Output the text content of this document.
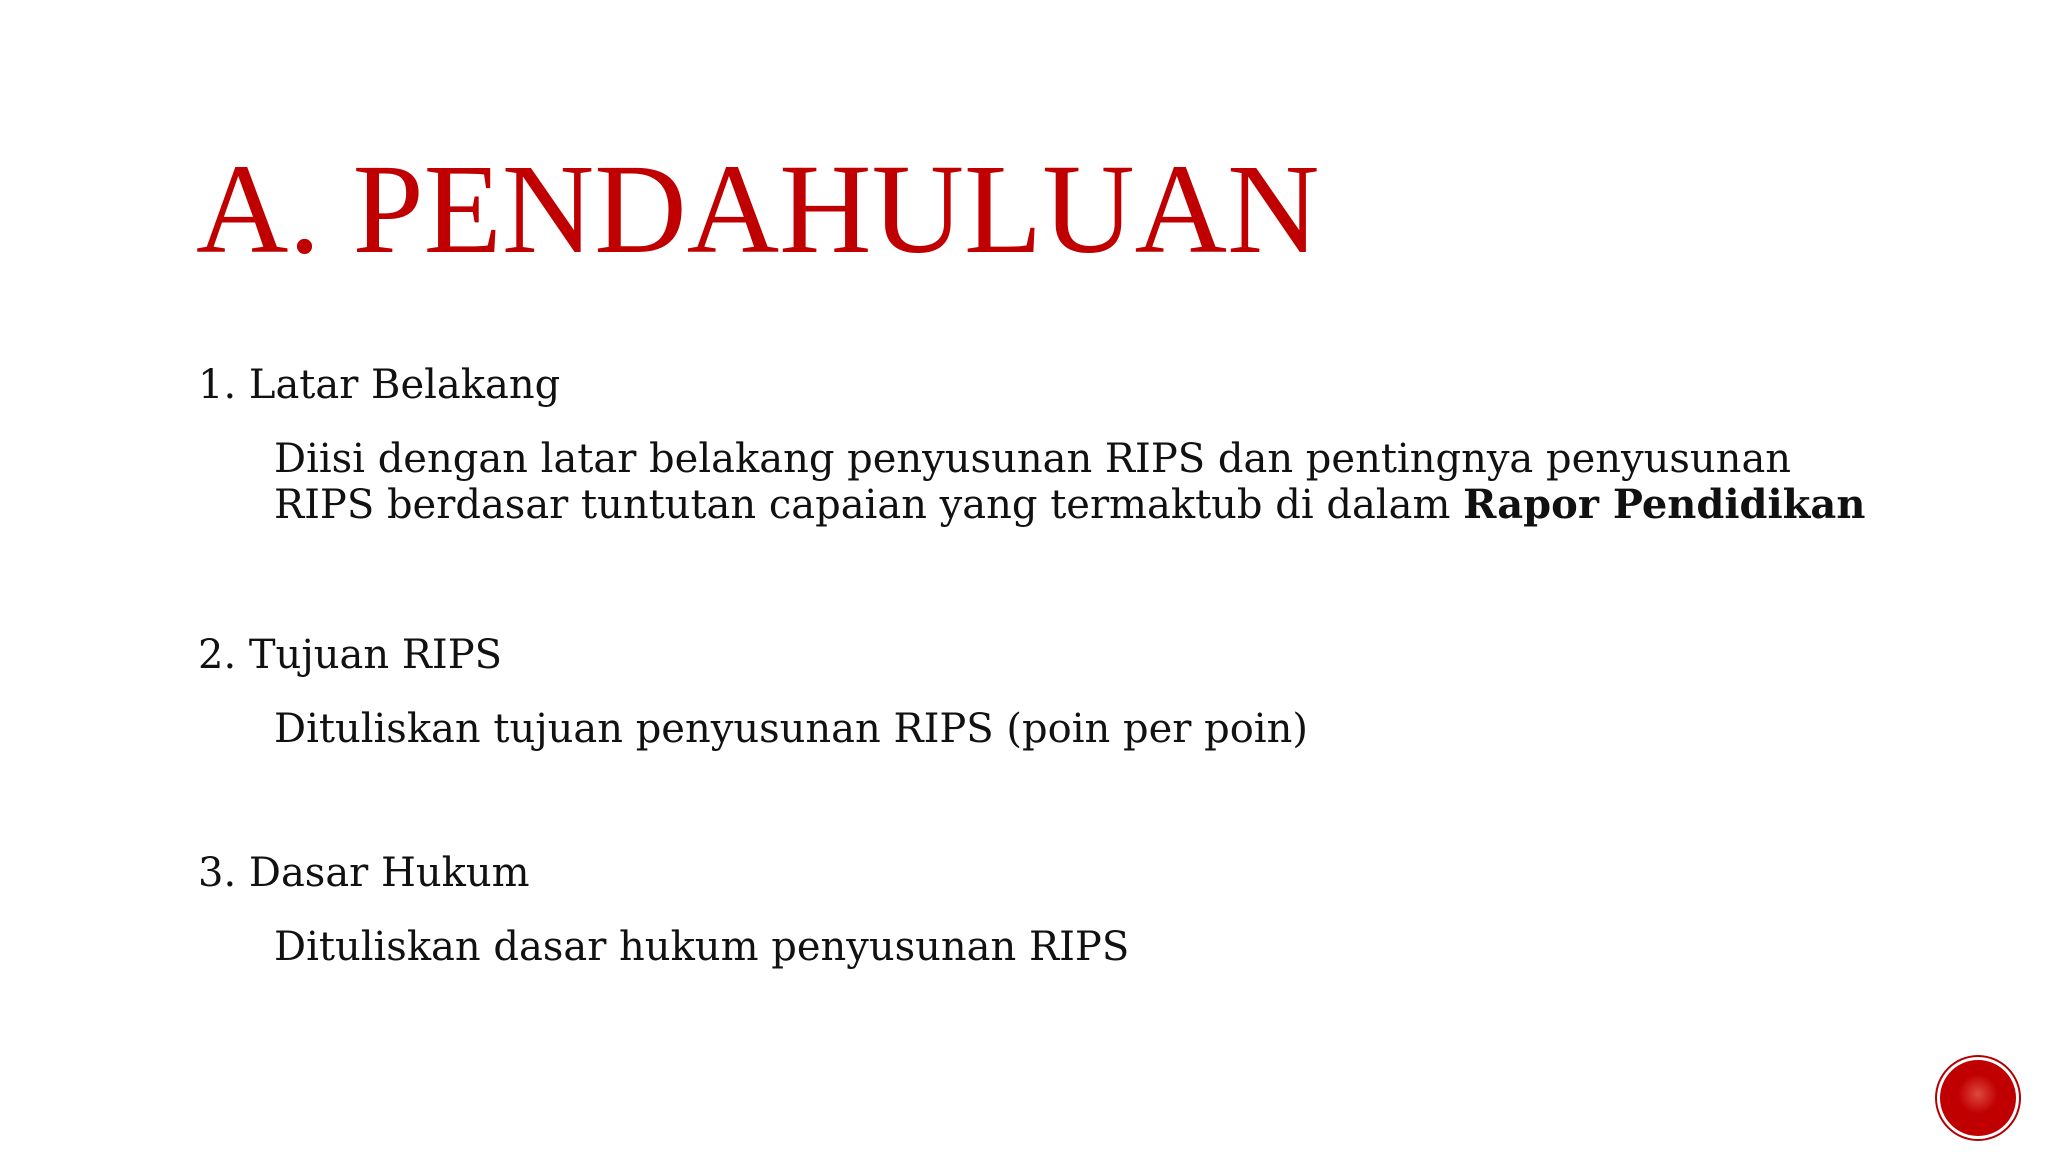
A. PENDAHULUAN
1. Latar Belakang
Diisi dengan latar belakang penyusunan RIPS dan pentingnya penyusunan
RIPS berdasar tuntutan capaian yang termaktub di dalam Rapor Pendidikan
2. Tujuan RIPS
Dituliskan tujuan penyusunan RIPS (poin per poin)
3. Dasar Hukum
Dituliskan dasar hukum penyusunan RIPS
